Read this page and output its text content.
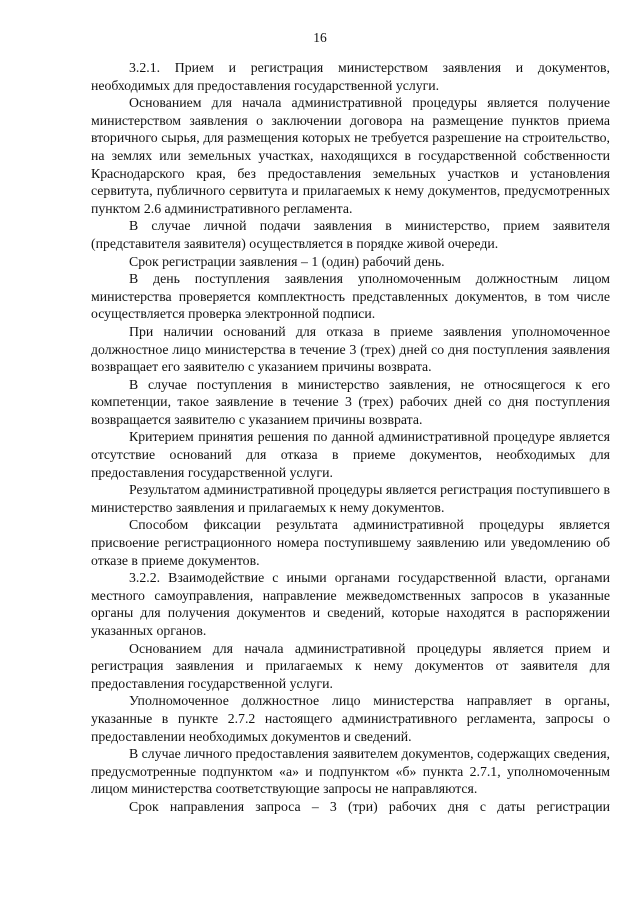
16

3.2.1. Прием и регистрация министерством заявления и документов, необходимых для предоставления государственной услуги.

Основанием для начала административной процедуры является получение министерством заявления о заключении договора на размещение пунктов приема вторичного сырья, для размещения которых не требуется разрешение на строительство, на землях или земельных участках, находящихся в государственной собственности Краснодарского края, без предоставления земельных участков и установления сервитута, публичного сервитута и прилагаемых к нему документов, предусмотренных пунктом 2.6 административного регламента.

В случае личной подачи заявления в министерство, прием заявителя (представителя заявителя) осуществляется в порядке живой очереди.

Срок регистрации заявления – 1 (один) рабочий день.

В день поступления заявления уполномоченным должностным лицом министерства проверяется комплектность представленных документов, в том числе осуществляется проверка электронной подписи.

При наличии оснований для отказа в приеме заявления уполномоченное должностное лицо министерства в течение 3 (трех) дней со дня поступления заявления возвращает его заявителю с указанием причины возврата.

В случае поступления в министерство заявления, не относящегося к его компетенции, такое заявление в течение 3 (трех) рабочих дней со дня поступления возвращается заявителю с указанием причины возврата.

Критерием принятия решения по данной административной процедуре является отсутствие оснований для отказа в приеме документов, необходимых для предоставления государственной услуги.

Результатом административной процедуры является регистрация поступившего в министерство заявления и прилагаемых к нему документов.

Способом фиксации результата административной процедуры является присвоение регистрационного номера поступившему заявлению или уведомлению об отказе в приеме документов.

3.2.2. Взаимодействие с иными органами государственной власти, органами местного самоуправления, направление межведомственных запросов в указанные органы для получения документов и сведений, которые находятся в распоряжении указанных органов.

Основанием для начала административной процедуры является прием и регистрация заявления и прилагаемых к нему документов от заявителя для предоставления государственной услуги.

Уполномоченное должностное лицо министерства направляет в органы, указанные в пункте 2.7.2 настоящего административного регламента, запросы о предоставлении необходимых документов и сведений.

В случае личного предоставления заявителем документов, содержащих сведения, предусмотренные подпунктом «а» и подпунктом «б» пункта 2.7.1, уполномоченным лицом министерства соответствующие запросы не направляются.

Срок направления запроса – 3 (три) рабочих дня с даты регистрации
